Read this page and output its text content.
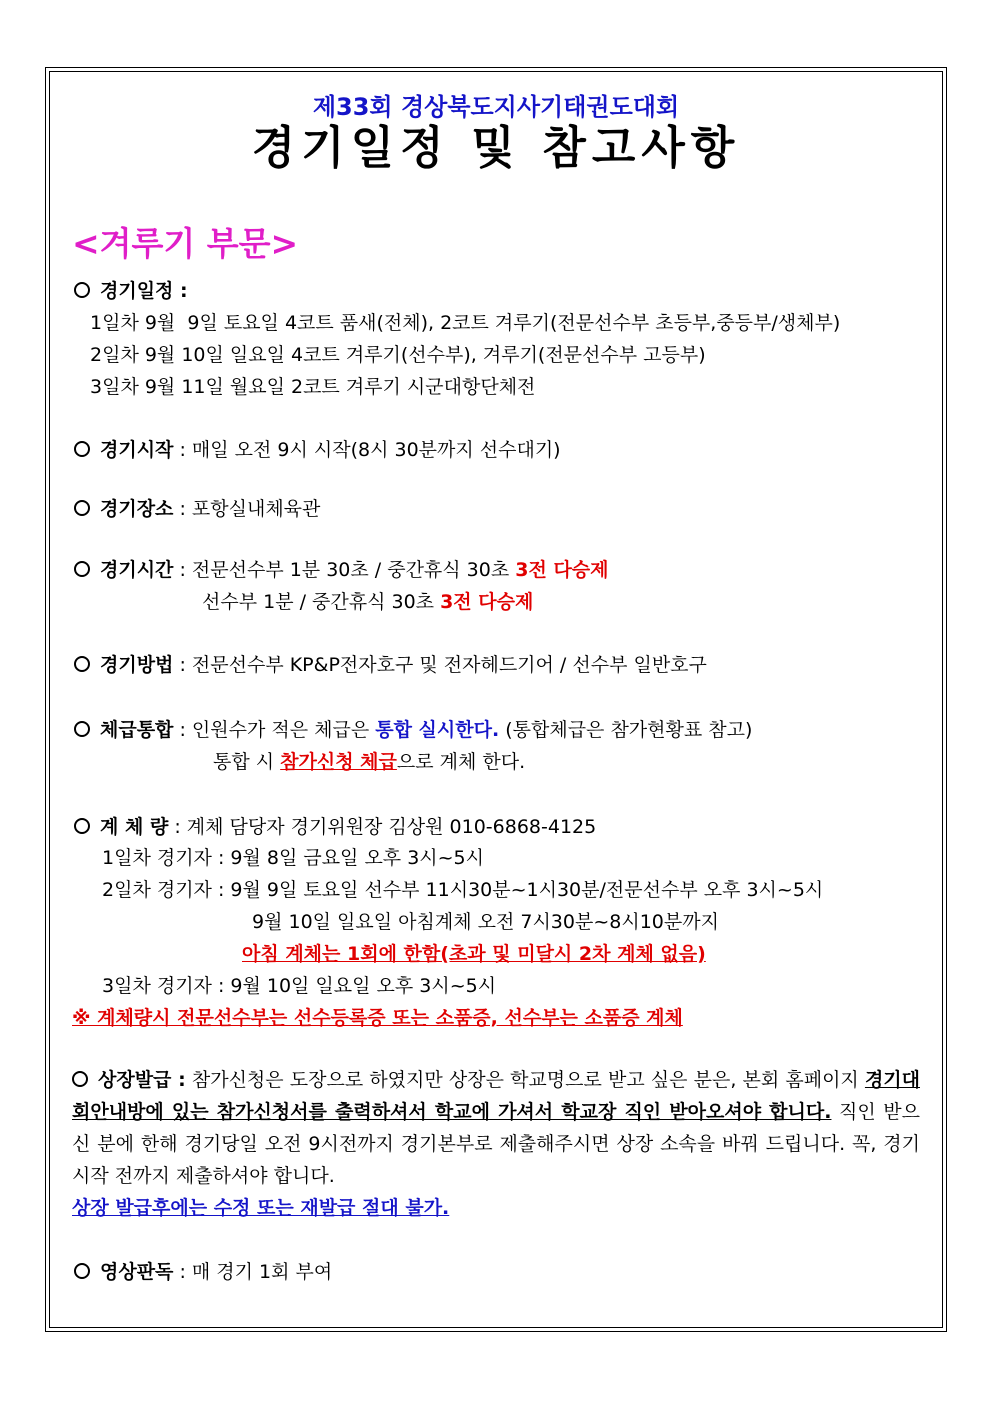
제33회 경상북도지사기태권도대회
경기일정 및 참고사항
<겨루기 부문>
경기일정 :
1일차 9월  9일 토요일 4코트 품새(전체), 2코트 겨루기(전문선수부 초등부,중등부/생체부)
2일차 9월 10일 일요일 4코트 겨루기(선수부), 겨루기(전문선수부 고등부)
3일차 9월 11일 월요일 2코트 겨루기 시군대항단체전
경기시작 : 매일 오전 9시 시작(8시 30분까지 선수대기)
경기장소 : 포항실내체육관
경기시간 : 전문선수부 1분 30초 / 중간휴식 30초 3전 다승제
선수부 1분 / 중간휴식 30초 3전 다승제
경기방법 : 전문선수부 KP&P전자호구 및 전자헤드기어 / 선수부 일반호구
체급통합 : 인원수가 적은 체급은 통합 실시한다. (통합체급은 참가현황표 참고)
통합 시 참가신청 체급으로 계체 한다.
계 체 량 : 계체 담당자 경기위원장 김상원 010-6868-4125
1일차 경기자 : 9월 8일 금요일 오후 3시~5시
2일차 경기자 : 9월 9일 토요일 선수부 11시30분~1시30분/전문선수부 오후 3시~5시
9월 10일 일요일 아침계체 오전 7시30분~8시10분까지
아침 계체는 1회에 한함(초과 및 미달시 2차 계체 없음)
3일차 경기자 : 9월 10일 일요일 오후 3시~5시
※ 계체량시 전문선수부는 선수등록증 또는 소품증, 선수부는 소품증 계체
상장발급 : 참가신청은 도장으로 하였지만 상장은 학교명으로 받고 싶은 분은, 본회 홈페이지 경기대회안내방에 있는 참가신청서를 출력하셔서 학교에 가셔서 학교장 직인 받아오셔야 합니다. 직인 받으신 분에 한해 경기당일 오전 9시전까지 경기본부로 제출해주시면 상장 소속을 바꿔 드립니다. 꼭, 경기 시작 전까지 제출하셔야 합니다.
상장 발급후에는 수정 또는 재발급 절대 불가.
영상판독 : 매 경기 1회 부여
